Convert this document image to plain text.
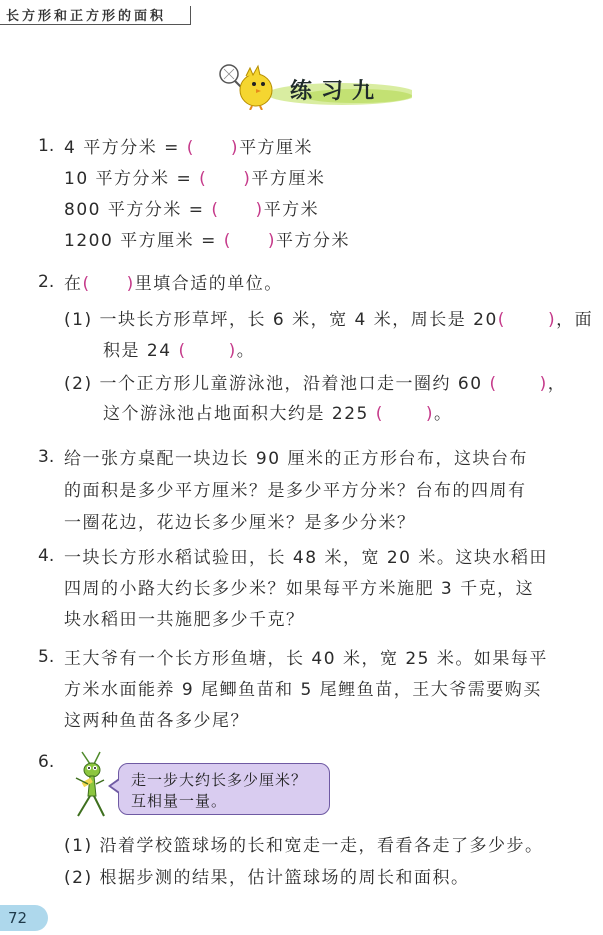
长方形和正方形的面积
练习九
1. 4 平方分米 = ( )平方厘米
10 平方分米 = ( )平方厘米
800 平方分米 = ( )平方米
1200 平方厘米 = ( )平方分米
2. 在( )里填合适的单位。
(1) 一块长方形草坪，长 6 米，宽 4 米，周长是 20( )，面
积是 24 ( )。
(2) 一个正方形儿童游泳池，沿着池口走一圈约 60 ( )，
这个游泳池占地面积大约是 225 ( )。
3. 给一张方桌配一块边长 90 厘米的正方形台布，这块台布
的面积是多少平方厘米？是多少平方分米？台布的四周有
一圈花边，花边长多少厘米？是多少分米？
4. 一块长方形水稻试验田，长 48 米，宽 20 米。这块水稻田
四周的小路大约长多少米？如果每平方米施肥 3 千克，这
块水稻田一共施肥多少千克？
5. 王大爷有一个长方形鱼塘，长 40 米，宽 25 米。如果每平
方米水面能养 9 尾鲫鱼苗和 5 尾鲤鱼苗，王大爷需要购买
这两种鱼苗各多少尾？
6.
走一步大约长多少厘米？
互相量一量。
(1) 沿着学校篮球场的长和宽走一走，看看各走了多少步。
(2) 根据步测的结果，估计篮球场的周长和面积。
72
